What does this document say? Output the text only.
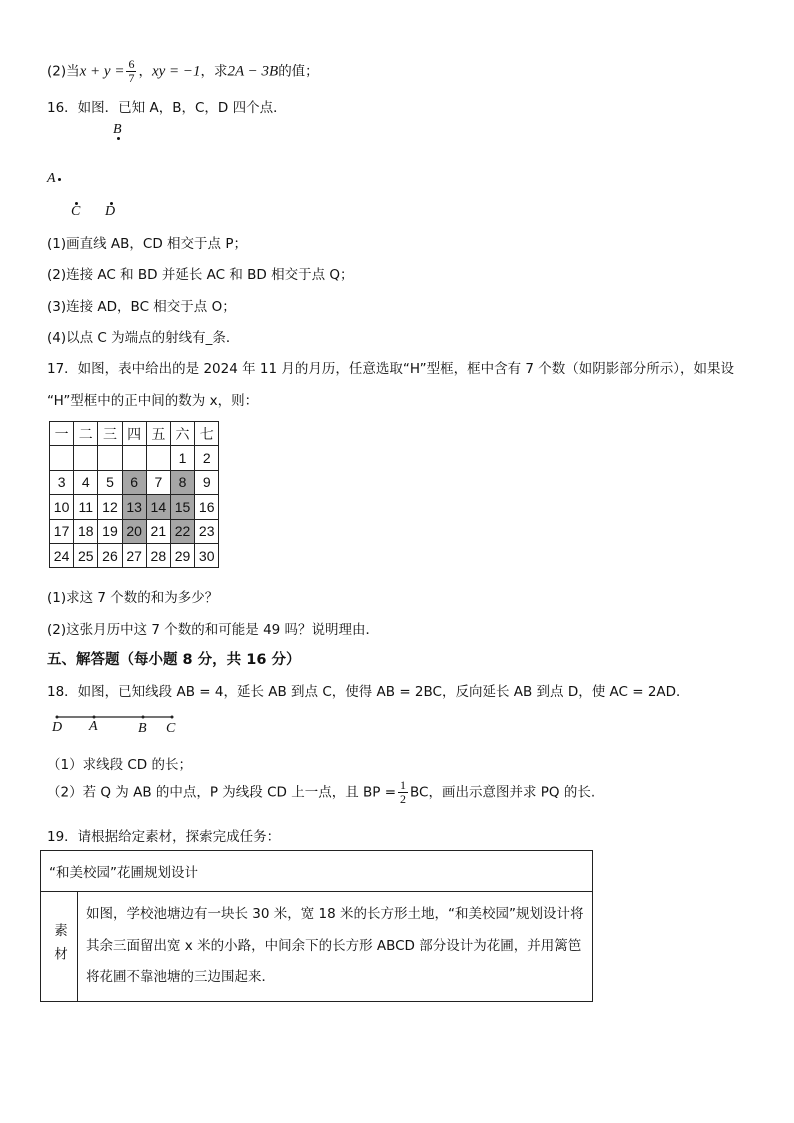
(2)当$x + y = \frac{6}{7}$ ，xy = −1，求2A − 3B的值；
16．如图．已知 A，B，C，D 四个点．
B
A
C D
(1)画直线 AB，CD 相交于点 P；
(2)连接 AC 和 BD 并延长 AC 和 BD 相交于点 Q；
(3)连接 AD，BC 相交于点 O；
(4)以点 C 为端点的射线有_条．
17．如图，表中给出的是 2024 年 11 月的月历，任意选取“H”型框，框中含有 7 个数（如阴影部分所示），如果设
“H”型框中的正中间的数为 x，则：
一	二	三	四	五	六	七
					1	2
3	4	5	6	7	8	9
10	11	12	13	14	15	16
17	18	19	20	21	22	23
24	25	26	27	28	29	30
(1)求这 7 个数的和为多少？
(2)这张月历中这 7 个数的和可能是 49 吗？说明理由．
五、解答题（每小题 8 分，共 16 分）
18．如图，已知线段 AB = 4，延长 AB 到点 C，使得 AB = 2BC，反向延长 AB 到点 D，使 AC = 2AD．
D A	B C
（1）求线段 CD 的长；
（2）若 Q 为 AB 的中点，P 为线段 CD 上一点，且 BP = $\frac{1}{2}$ BC，画出示意图并求 PQ 的长.
19．请根据给定素材，探索完成任务：
“和美校园”花圃规划设计

素材

如图，学校池塘边有一块长 30 米，宽 18 米的长方形土地，“和美校园”规划设计将
其余三面留出宽 x 米的小路，中间余下的长方形 ABCD 部分设计为花圃，并用篱笆
将花圃不靠池塘的三边围起来．
